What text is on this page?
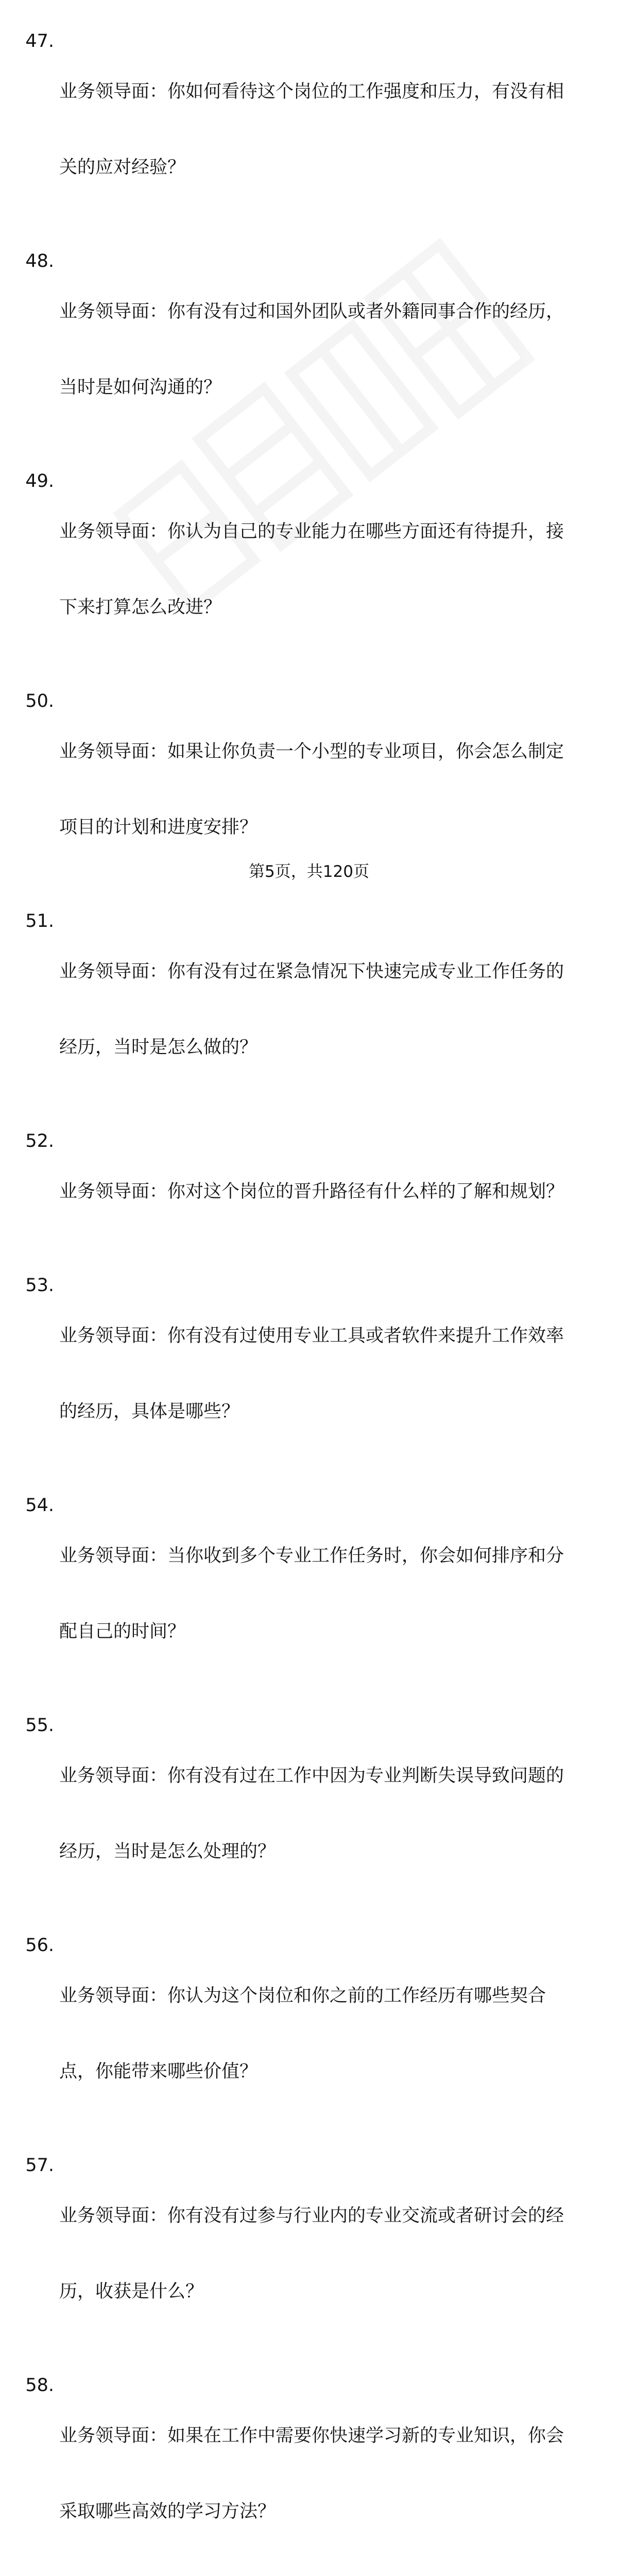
47.

业务领导面：你如何看待这个岗位的工作强度和压力，有没有相

关的应对经验？

48.

业务领导面：你有没有过和国外团队或者外籍同事合作的经历，

当时是如何沟通的？

49.

业务领导面：你认为自己的专业能力在哪些方面还有待提升，接

下来打算怎么改进？

50.

业务领导面：如果让你负责一个小型的专业项目，你会怎么制定

项目的计划和进度安排？

51.

业务领导面：你有没有过在紧急情况下快速完成专业工作任务的

经历，当时是怎么做的？

52.

业务领导面：你对这个岗位的晋升路径有什么样的了解和规划？

53.

业务领导面：你有没有过使用专业工具或者软件来提升工作效率

的经历，具体是哪些？

54.

业务领导面：当你收到多个专业工作任务时，你会如何排序和分

配自己的时间？

55.

业务领导面：你有没有过在工作中因为专业判断失误导致问题的

经历，当时是怎么处理的？

56.

业务领导面：你认为这个岗位和你之前的工作经历有哪些契合

点，你能带来哪些价值？

57.

业务领导面：你有没有过参与行业内的专业交流或者研讨会的经

历，收获是什么？

58.

业务领导面：如果在工作中需要你快速学习新的专业知识，你会

采取哪些高效的学习方法？

第5页，共120页
